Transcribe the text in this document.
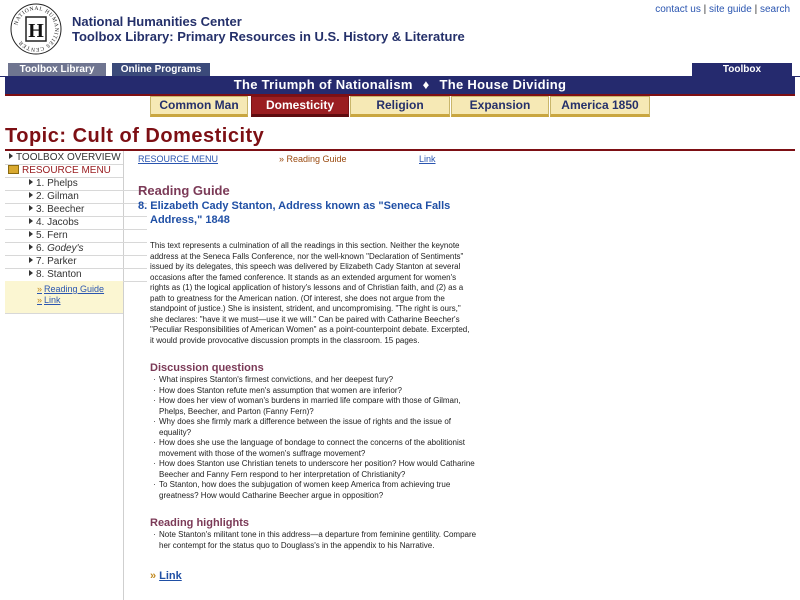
NATIONAL HUMANITIES CENTER
H National Humanities Center

Toolbox Library: Primary Resources in U.S. History & Literature

contact us | site guide | search
Toolbox Library	Online Programs	Toolbox
The Triumph of Nationalism ♦ The House Dividing
Common Man	Domesticity	Religion	Expansion	America 1850
Topic: Cult of Domesticity
TOOLBOX OVERVIEW
RESOURCE MENU
1. Phelps
2. Gilman
3. Beecher
4. Jacobs
5. Fern
6. Godey's
7. Parker
8. Stanton
» Reading Guide
» Link
RESOURCE MENU	» Reading Guide	Link
Reading Guide
8. Elizabeth Cady Stanton, Address known as "Seneca Falls Address," 1848

This text represents a culmination of all the readings in this section. Neither the keynote address at the Seneca Falls Conference, nor the well-known "Declaration of Sentiments" issued by its delegates, this speech was delivered by Elizabeth Cady Stanton at several occasions after the famed conference. It stands as an extended argument for women's rights as (1) the logical application of history's lessons and of Christian faith, and (2) as a path to greatness for the American nation. (Of interest, she does not argue from the standpoint of justice.) She is insistent, strident, and uncompromising. "The right is ours," she declares: "have it we must—use it we will." Can be paired with Catharine Beecher's "Peculiar Responsibilities of American Women" as a point-counterpoint debate. Excerpted, it would provide provocative discussion prompts in the classroom. 15 pages.

Discussion questions
· What inspires Stanton's firmest convictions, and her deepest fury?
· How does Stanton refute men's assumption that women are inferior?
· How does her view of woman's burdens in married life compare with those of Gilman, Phelps, Beecher, and Parton (Fanny Fern)?
· Why does she firmly mark a difference between the issue of rights and the issue of equality?
· How does she use the language of bondage to connect the concerns of the abolitionist movement with those of the women's suffrage movement?
· How does Stanton use Christian tenets to underscore her position? How would Catharine Beecher and Fanny Fern respond to her interpretation of Christianity?
· To Stanton, how does the subjugation of women keep America from achieving true greatness? How would Catharine Beecher argue in opposition?
Reading highlights

· Note Stanton's militant tone in this address—a departure from feminine gentility. Compare her contempt for the status quo to Douglass's in the appendix to his Narrative.

» Link
